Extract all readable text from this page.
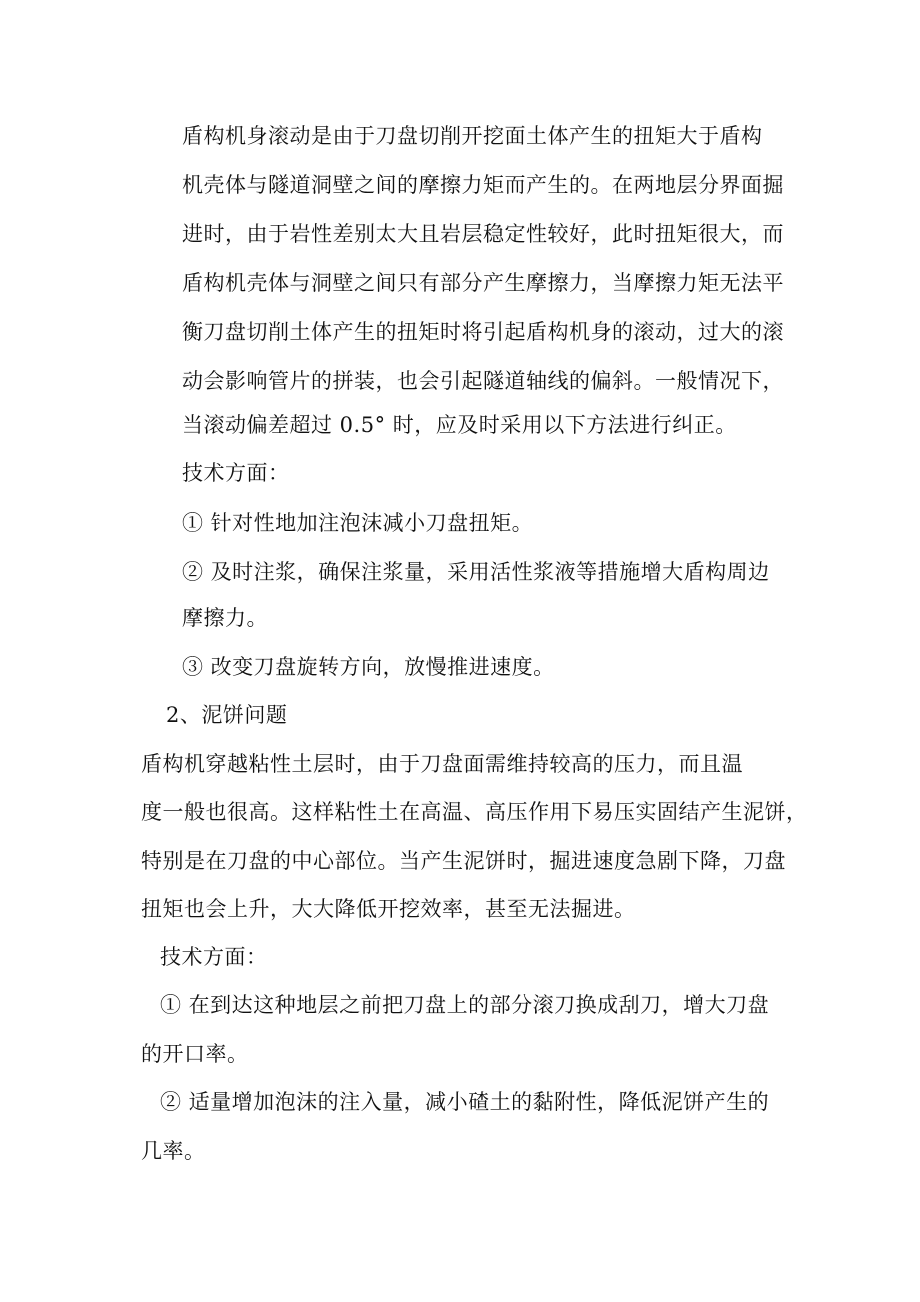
盾构机身滚动是由于刀盘切削开挖面土体产生的扭矩大于盾构
机壳体与隧道洞壁之间的摩擦力矩而产生的。在两地层分界面掘
进时，由于岩性差别太大且岩层稳定性较好，此时扭矩很大，而
盾构机壳体与洞壁之间只有部分产生摩擦力，当摩擦力矩无法平
衡刀盘切削土体产生的扭矩时将引起盾构机身的滚动，过大的滚
动会影响管片的拼装，也会引起隧道轴线的偏斜。一般情况下，
当滚动偏差超过 0.5° 时，应及时采用以下方法进行纠正。
技术方面：
① 针对性地加注泡沫减小刀盘扭矩。
② 及时注浆，确保注浆量，采用活性浆液等措施增大盾构周边
摩擦力。
③ 改变刀盘旋转方向，放慢推进速度。
2、泥饼问题
盾构机穿越粘性土层时，由于刀盘面需维持较高的压力，而且温
度一般也很高。这样粘性土在高温、高压作用下易压实固结产生泥饼，
特别是在刀盘的中心部位。当产生泥饼时，掘进速度急剧下降，刀盘
扭矩也会上升，大大降低开挖效率，甚至无法掘进。
技术方面：
① 在到达这种地层之前把刀盘上的部分滚刀换成刮刀，增大刀盘
的开口率。
② 适量增加泡沫的注入量，减小碴土的黏附性，降低泥饼产生的
几率。
